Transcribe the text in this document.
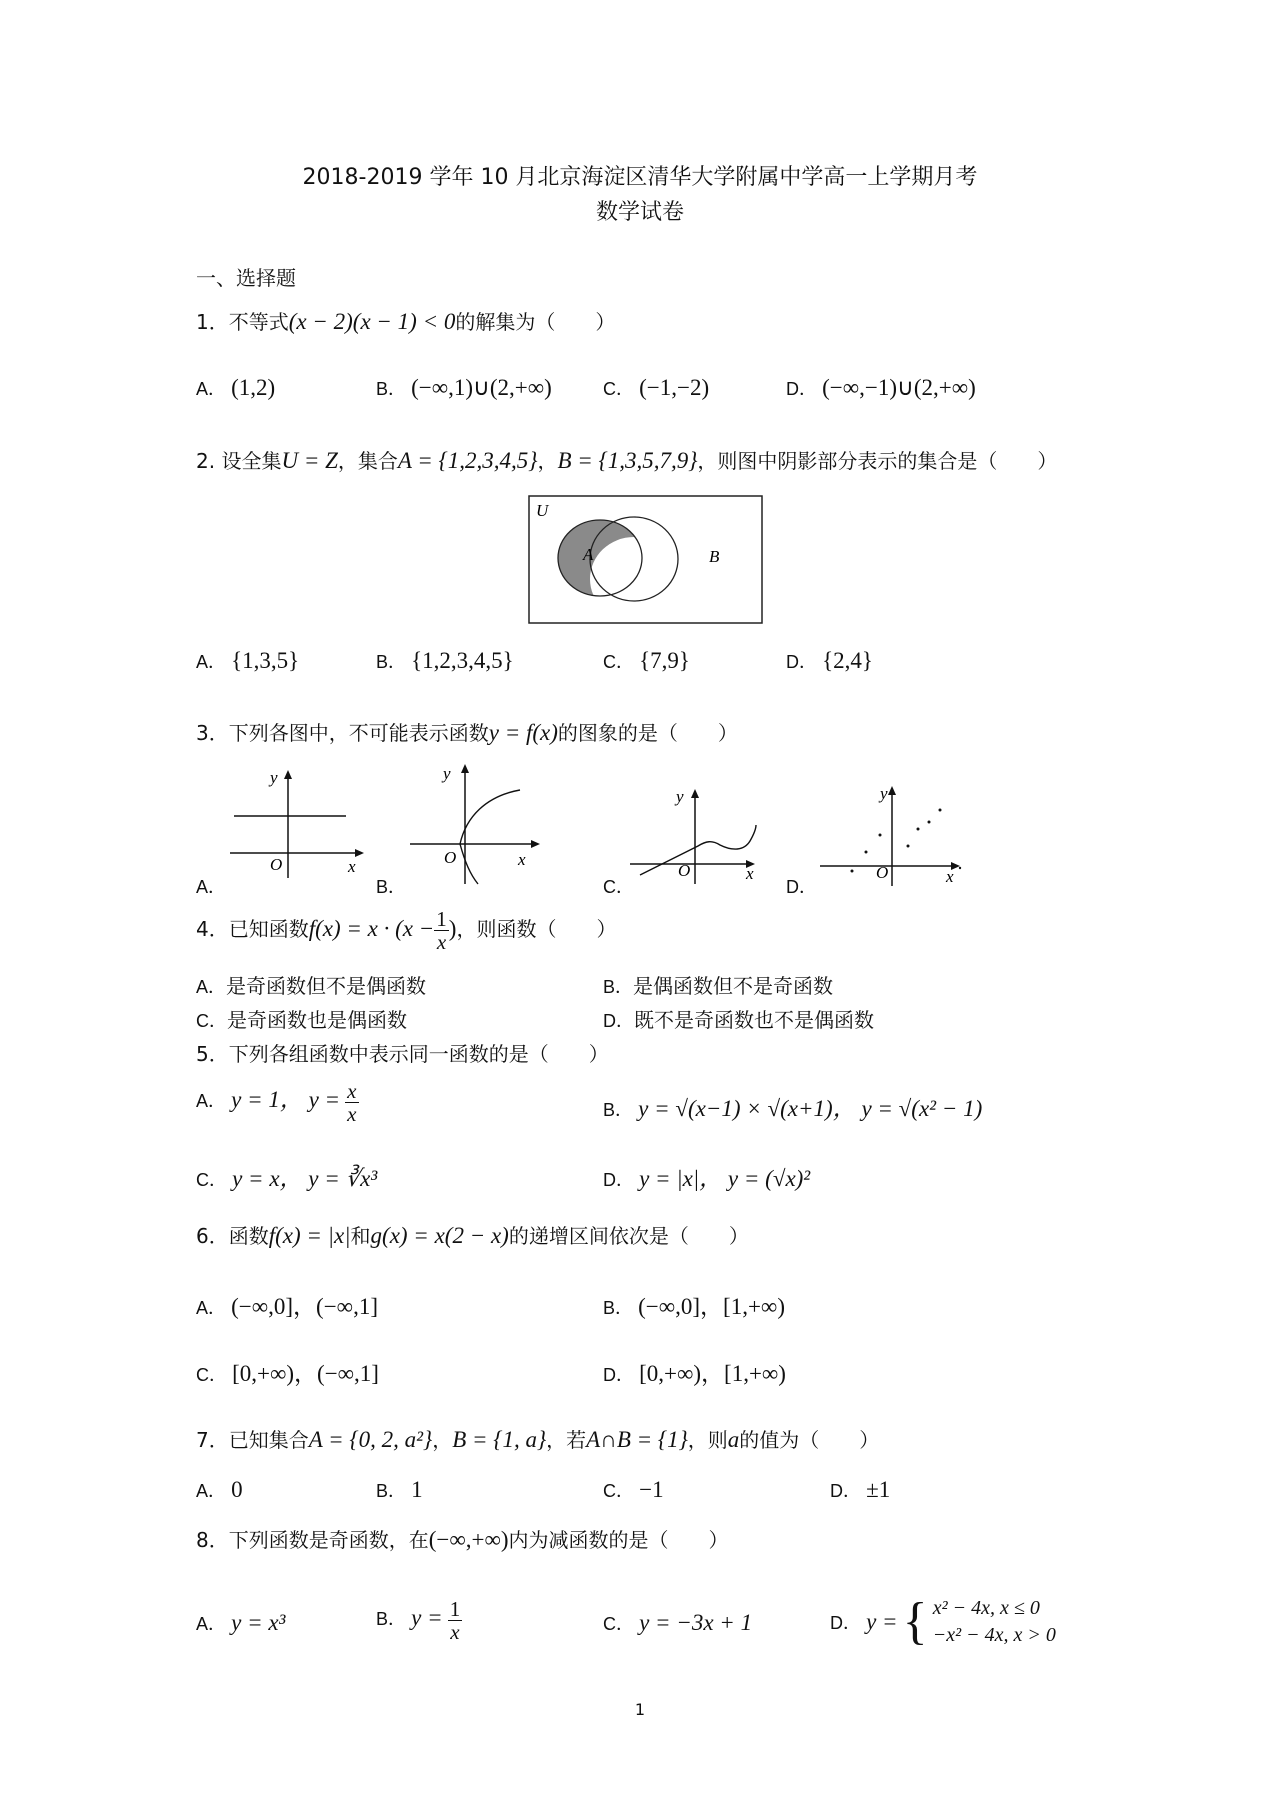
2018-2019 学年 10 月北京海淀区清华大学附属中学高一上学期月考
数学试卷
一、选择题
1．不等式(x − 2)(x − 1) < 0的解集为（　　）
A． (1,2)	B． (−∞,1)∪(2,+∞)	C． (−1,−2)	D． (−∞,−1)∪(2,+∞)
2. 设全集U = Z，集合A = {1,2,3,4,5}，B = {1,3,5,7,9}，则图中阴影部分表示的集合是（　　）
U
A	B
A． {1,3,5}	B． {1,2,3,4,5}	C． {7,9}	D． {2,4}
3．下列各图中，不可能表示函数y = f(x)的图象的是（　　）
A．
y
O	x
B．
y
O	x
C．
y
O	x
D．
y
O	x
4．已知函数$f(x) = x \cdot (x - \frac{1}{x}$ )，则函数（　　）
A．是奇函数但不是偶函数	B．是偶函数但不是奇函数
C．是奇函数也是偶函数	D．既不是奇函数也不是偶函数
5．下列各组函数中表示同一函数的是（　　）
A． y = 1， $y = \frac{x}{x}$	B． y = √(x−1) × √(x+1)， y = √(x² − 1)
C． y = x， y = ∛x³	D． y = |x|， y = (√x)²
6．函数f(x) = |x|和g(x) = x(2 − x)的递增区间依次是（　　）
A． (−∞,0]，(−∞,1]	B． (−∞,0]，[1,+∞)
C． [0,+∞)，(−∞,1]	D． [0,+∞)，[1,+∞)
7．已知集合A = {0, 2, a²}，B = {1, a}，若A∩B = {1}，则a的值为（　　）
A． 0	B． 1	C． −1	D． ±1
8．下列函数是奇函数，在(−∞,+∞)内为减函数的是（　　）
A． y = x³	B． $y = \frac{1}{x}$	C． y = −3x + 1	D． y = { x² − 4x, x ≤ 0
−x² − 4x, x > 0
1
